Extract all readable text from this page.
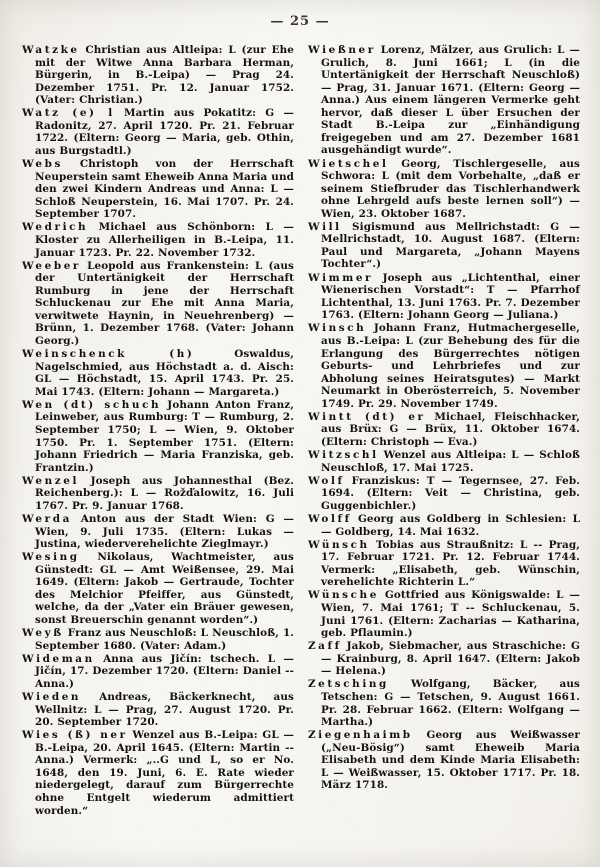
— 25 —

Watzke Christian aus Altleipa: L (zur Ehe mit der Witwe Anna Barbara Herman, Bürgerin, in B.-Leipa) — Prag 24. Dezember 1751. Pr. 12. Januar 1752. (Vater: Christian.)

Watz (e) l Martin aus Pokatitz: G — Radonitz, 27. April 1720. Pr. 21. Februar 1722. (Eltern: Georg — Maria, geb. Othin, aus Burgstadtl.)

Webs Christoph von der Herrschaft Neuperstein samt Eheweib Anna Maria und den zwei Kindern Andreas und Anna: L — Schloß Neuperstein, 16. Mai 1707. Pr. 24. September 1707.

Wedrich Michael aus Schönborn: L — Kloster zu Allerheiligen in B.-Leipa, 11. Januar 1723. Pr. 22. November 1732.

Weeber Leopold aus Frankenstein: L (aus der Untertänigkeit der Herrschaft Rumburg in jene der Herrschaft Schluckenau zur Ehe mit Anna Maria, verwitwete Haynin, in Neuehrenberg) — Brünn, 1. Dezember 1768. (Vater: Johann Georg.)

Weinschenck (h) Oswaldus, Nagelschmied, aus Höchstadt a. d. Aisch: GL — Höchstadt, 15. April 1743. Pr. 25. Mai 1743. (Eltern: Johann — Margareta.)

Wen (dt) schuch Johann Anton Franz, Leinweber, aus Rumburg: T — Rumburg, 2. September 1750; L — Wien, 9. Oktober 1750. Pr. 1. September 1751. (Eltern: Johann Friedrich — Maria Franziska, geb. Frantzin.)

Wenzel Joseph aus Johannesthal (Bez. Reichenberg.): L — Rožďalowitz, 16. Juli 1767. Pr. 9. Januar 1768.

Werda Anton aus der Stadt Wien: G — Wien, 9. Juli 1735. (Eltern: Lukas — Justina, wiederverehelichte Zieglmayr.)

Wesing Nikolaus, Wachtmeister, aus Günstedt: GL — Amt Weißensee, 29. Mai 1649. (Eltern: Jakob — Gertraude, Tochter des Melchior Pfeiffer, aus Günstedt, welche, da der „Vater ein Bräuer gewesen, sonst Breuerschin genannt worden“.)

Weyß Franz aus Neuschloß: L Neuschloß, 1. September 1680. (Vater: Adam.)

Wideman Anna aus Jičín: tschech. L — Jičín, 17. Dezember 1720. (Eltern: Daniel -- Anna.)

Wieden Andreas, Bäckerknecht, aus Wellnitz: L — Prag, 27. August 1720. Pr. 20. September 1720.

Wies (ß) ner Wenzel aus B.-Leipa: GL — B.-Leipa, 20. April 1645. (Eltern: Martin -- Anna.) Vermerk: „..G und L, so er No. 1648, den 19. Juni, 6. E. Rate wieder niedergelegt, darauf zum Bürgerrechte ohne Entgelt wiederum admittiert worden.“

Wießner Lorenz, Mälzer, aus Grulich: L — Grulich, 8. Juni 1661; L (in die Untertänigkeit der Herrschaft Neuschloß) — Prag, 31. Januar 1671. (Eltern: Georg — Anna.) Aus einem längeren Vermerke geht hervor, daß dieser L über Ersuchen der Stadt B.-Leipa zur „Einhändigung freigegeben und am 27. Dezember 1681 ausgehändigt wurde“.

Wietschel Georg, Tischlergeselle, aus Schwora: L (mit dem Vorbehalte, „daß er seinem Stiefbruder das Tischlerhandwerk ohne Lehrgeld aufs beste lernen soll“) — Wien, 23. Oktober 1687.

Will Sigismund aus Mellrichstadt: G — Mellrichstadt, 10. August 1687. (Eltern: Paul und Margareta, „Johann Mayens Tochter“.)

Wimmer Joseph aus „Lichtenthal, einer Wienerischen Vorstadt“: T — Pfarrhof Lichtenthal, 13. Juni 1763. Pr. 7. Dezember 1763. (Eltern: Johann Georg — Juliana.)

Winsch Johann Franz, Hutmachergeselle, aus B.-Leipa: L (zur Behebung des für die Erlangung des Bürgerrechtes nötigen Geburts- und Lehrbriefes und zur Abholung seines Heiratsgutes) — Markt Neumarkt in Oberösterreich, 5. November 1749. Pr. 29. November 1749.

Wintt (dt) er Michael, Fleischhacker, aus Brüx: G — Brüx, 11. Oktober 1674. (Eltern: Christoph — Eva.)

Witzschl Wenzel aus Altleipa: L — Schloß Neuschloß, 17. Mai 1725.

Wolf Franziskus: T — Tegernsee, 27. Feb. 1694. (Eltern: Veit — Christina, geb. Guggenbichler.)

Wolff Georg aus Goldberg in Schlesien: L — Goldberg, 14. Mai 1632.

Wünsch Tobias aus Straußnitz: L -- Prag, 17. Februar 1721. Pr. 12. Februar 1744. Vermerk: „Elisabeth, geb. Wünschin, verehelichte Richterin L.“

Wünsche Gottfried aus Königswalde: L — Wien, 7. Mai 1761; T -- Schluckenau, 5. Juni 1761. (Eltern: Zacharias — Katharina, geb. Pflaumin.)

Zaff Jakob, Siebmacher, aus Straschiche: G — Krainburg, 8. April 1647. (Eltern: Jakob — Helena.)

Zetsching Wolfgang, Bäcker, aus Tetschen: G — Tetschen, 9. August 1661. Pr. 28. Februar 1662. (Eltern: Wolfgang — Martha.)

Ziegenhaimb Georg aus Weißwasser („Neu-Bösig“) samt Eheweib Maria Elisabeth und dem Kinde Maria Elisabeth: L — Weißwasser, 15. Oktober 1717. Pr. 18. März 1718.
